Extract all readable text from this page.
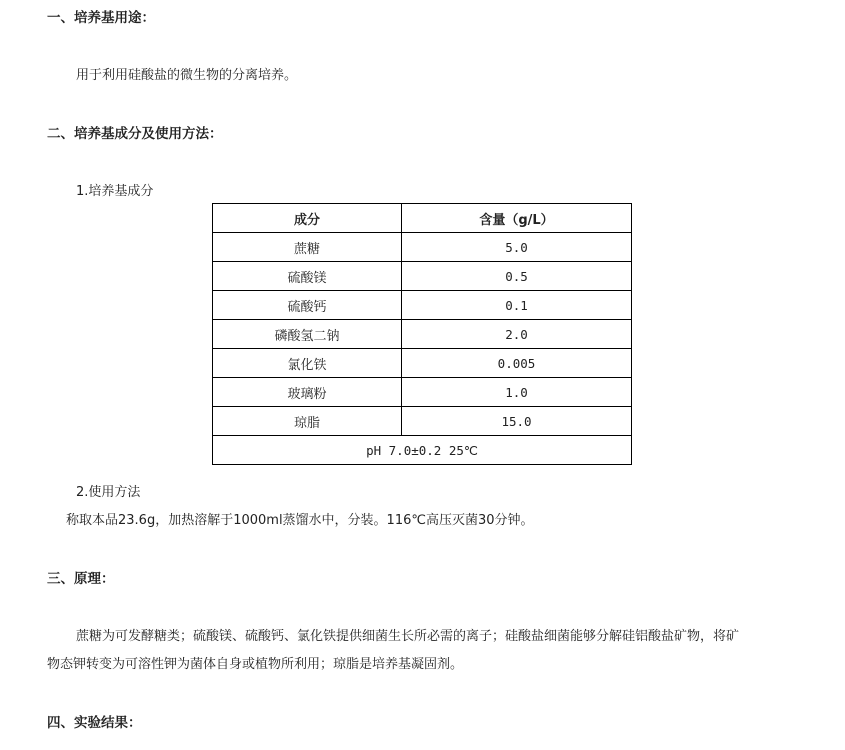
一、培养基用途：
用于利用硅酸盐的微生物的分离培养。
二、培养基成分及使用方法：
1.培养基成分
成分	含量（g/L）
蔗糖	5.0
硫酸镁	0.5
硫酸钙	0.1
磷酸氢二钠	2.0
氯化铁	0.005
玻璃粉	1.0
琼脂	15.0
pH 7.0±0.2 25℃	
2.使用方法
称取本品23.6g，加热溶解于1000ml蒸馏水中，分装。116℃高压灭菌30分钟。
三、原理：
蔗糖为可发酵糖类；硫酸镁、硫酸钙、氯化铁提供细菌生长所必需的离子；硅酸盐细菌能够分解硅铝酸盐矿物，将矿
物态钾转变为可溶性钾为菌体自身或植物所利用；琼脂是培养基凝固剂。
四、实验结果：
